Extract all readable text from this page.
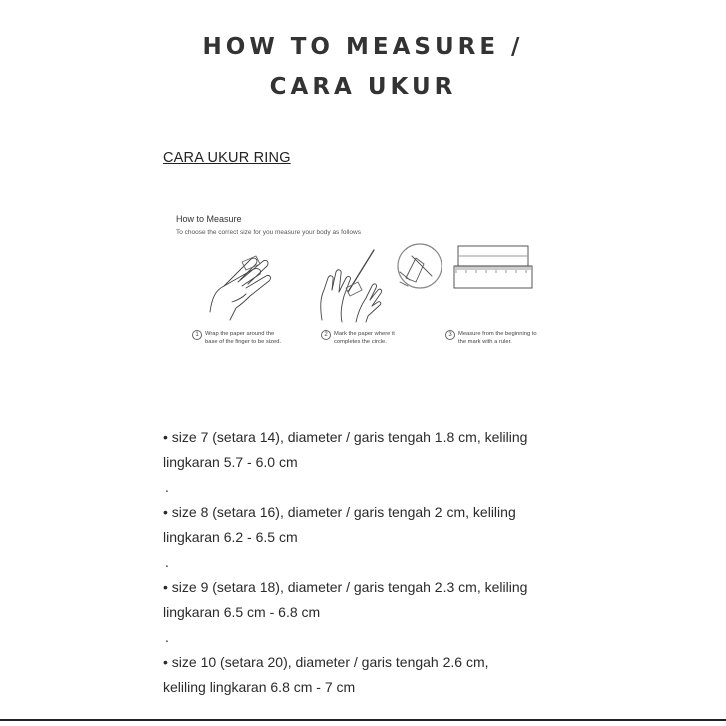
HOW TO MEASURE /
CARA UKUR
CARA UKUR RING
How to Measure
To choose the correct size for you measure your body as follows
1 Wrap the paper around the
base of the finger to be sized.
2 Mark the paper where it
completes the circle.
3 Measure from the beginning to
the mark with a ruler.
• size 7 (setara 14), diameter / garis tengah 1.8 cm, keliling
lingkaran 5.7 - 6.0 cm
.
• size 8 (setara 16), diameter / garis tengah 2 cm, keliling
lingkaran 6.2 - 6.5 cm
.
• size 9 (setara 18), diameter / garis tengah 2.3 cm, keliling
lingkaran 6.5 cm - 6.8 cm
.
• size 10 (setara 20), diameter / garis tengah 2.6 cm,
keliling lingkaran 6.8 cm - 7 cm
